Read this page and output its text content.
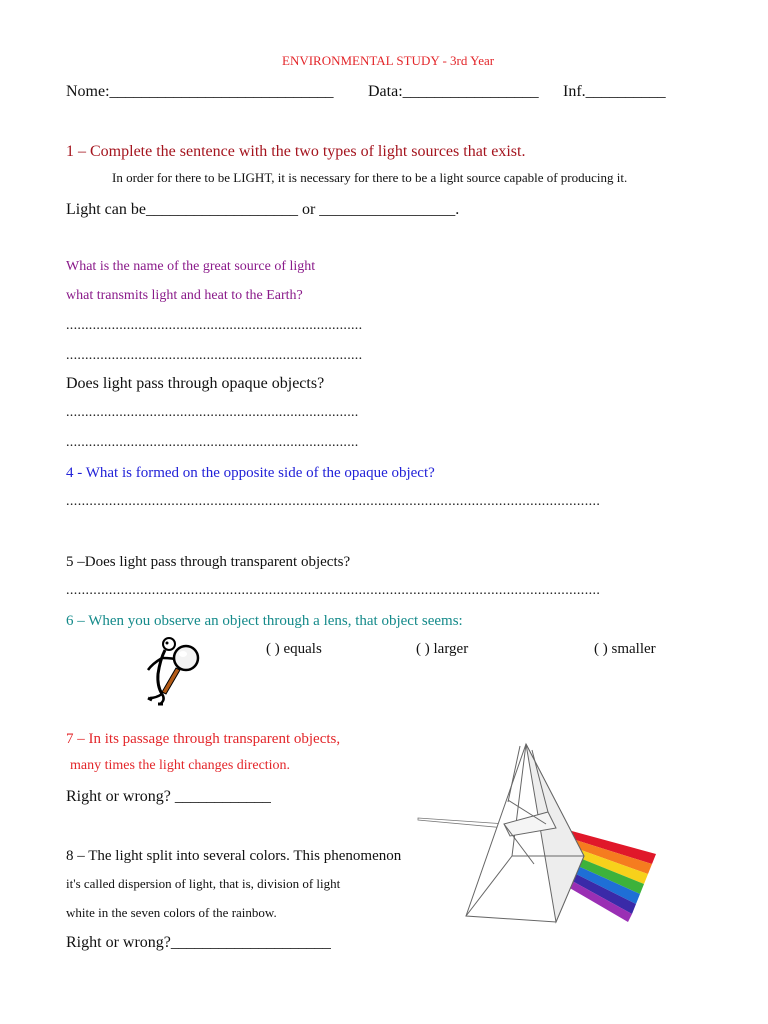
ENVIRONMENTAL STUDY - 3rd Year
Nome:____________________________ Data:_________________ Inf.__________
1 – Complete the sentence with the two types of light sources that exist.
In order for there to be LIGHT, it is necessary for there to be a light source capable of producing it.
Light can be___________________ or _________________.
What is the name of the great source of light
what transmits light and heat to the Earth?
..............................................................................
..............................................................................
Does light pass through opaque objects?
.............................................................................
.............................................................................
4 - What is formed on the opposite side of the opaque object?
.........................................................................................................................................
5 –Does light pass through transparent objects?
.........................................................................................................................................
6 – When you observe an object through a lens, that object seems:
( ) equals	( ) larger	( ) smaller
7 – In its passage through transparent objects,
many times the light changes direction.
Right or wrong? ____________
8 – The light split into several colors. This phenomenon
it's called dispersion of light, that is, division of light
white in the seven colors of the rainbow.
Right or wrong?____________________
